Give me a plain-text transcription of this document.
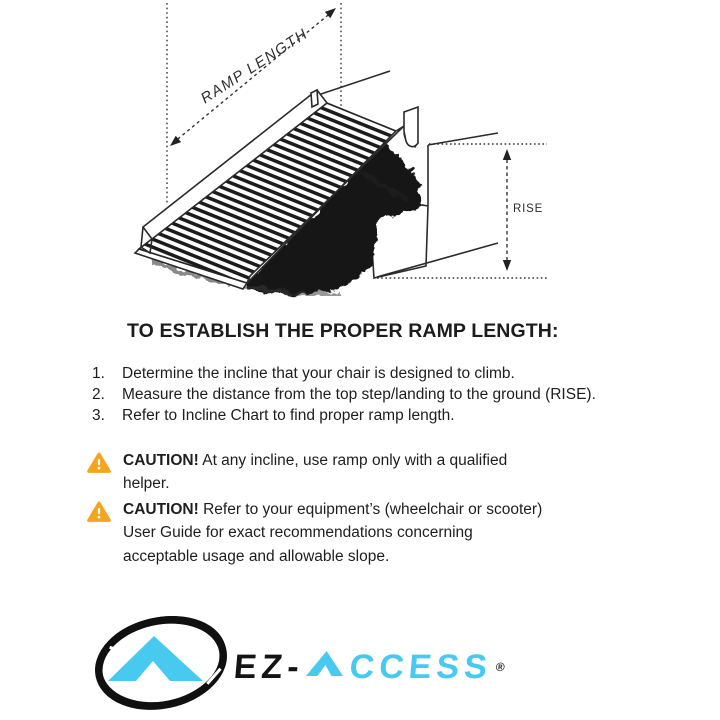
RAMP LENGTH
RISE
TO ESTABLISH THE PROPER RAMP LENGTH:
1.	Determine the incline that your chair is designed to climb.
2.	Measure the distance from the top step/landing to the ground (RISE).
3.	Refer to Incline Chart to find proper ramp length.
CAUTION! At any incline, use ramp only with a qualified
helper.
CAUTION! Refer to your equipment’s (wheelchair or scooter)
User Guide for exact recommendations concerning
acceptable usage and allowable slope.
EZ- CCESS ®
